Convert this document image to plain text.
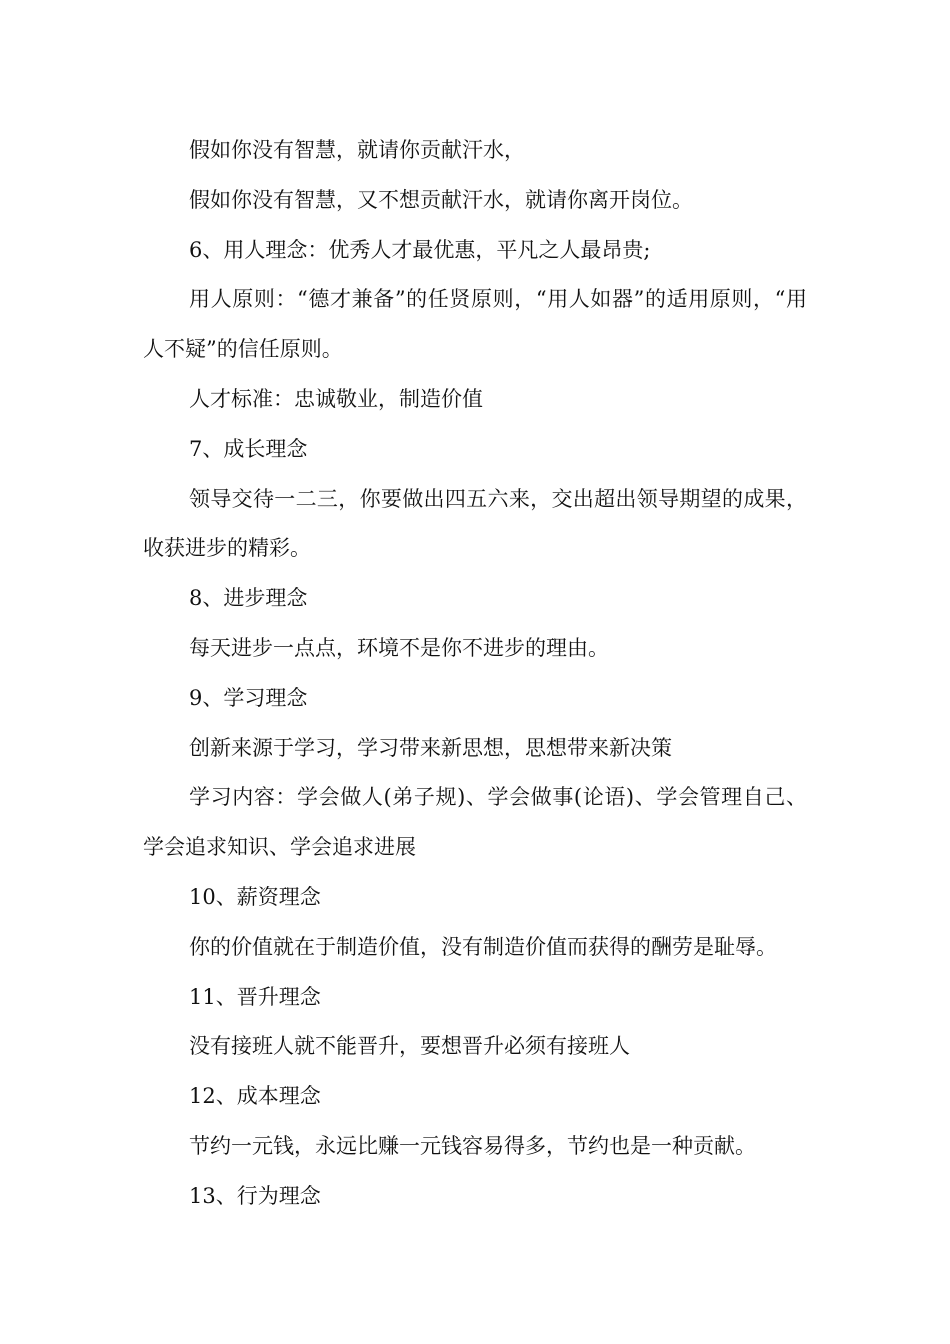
假如你没有智慧，就请你贡献汗水，

假如你没有智慧，又不想贡献汗水，就请你离开岗位。

6、用人理念：优秀人才最优惠，平凡之人最昂贵;

用人原则：“德才兼备”的任贤原则，“用人如器”的适用原则，“用人不疑”的信任原则。

人才标准：忠诚敬业，制造价值

7、成长理念

领导交待一二三，你要做出四五六来，交出超出领导期望的成果，收获进步的精彩。

8、进步理念

每天进步一点点，环境不是你不进步的理由。

9、学习理念

创新来源于学习，学习带来新思想，思想带来新决策

学习内容：学会做人(弟子规)、学会做事(论语)、学会管理自己、学会追求知识、学会追求进展

10、薪资理念

你的价值就在于制造价值，没有制造价值而获得的酬劳是耻辱。

11、晋升理念

没有接班人就不能晋升，要想晋升必须有接班人

12、成本理念

节约一元钱，永远比赚一元钱容易得多，节约也是一种贡献。

13、行为理念
